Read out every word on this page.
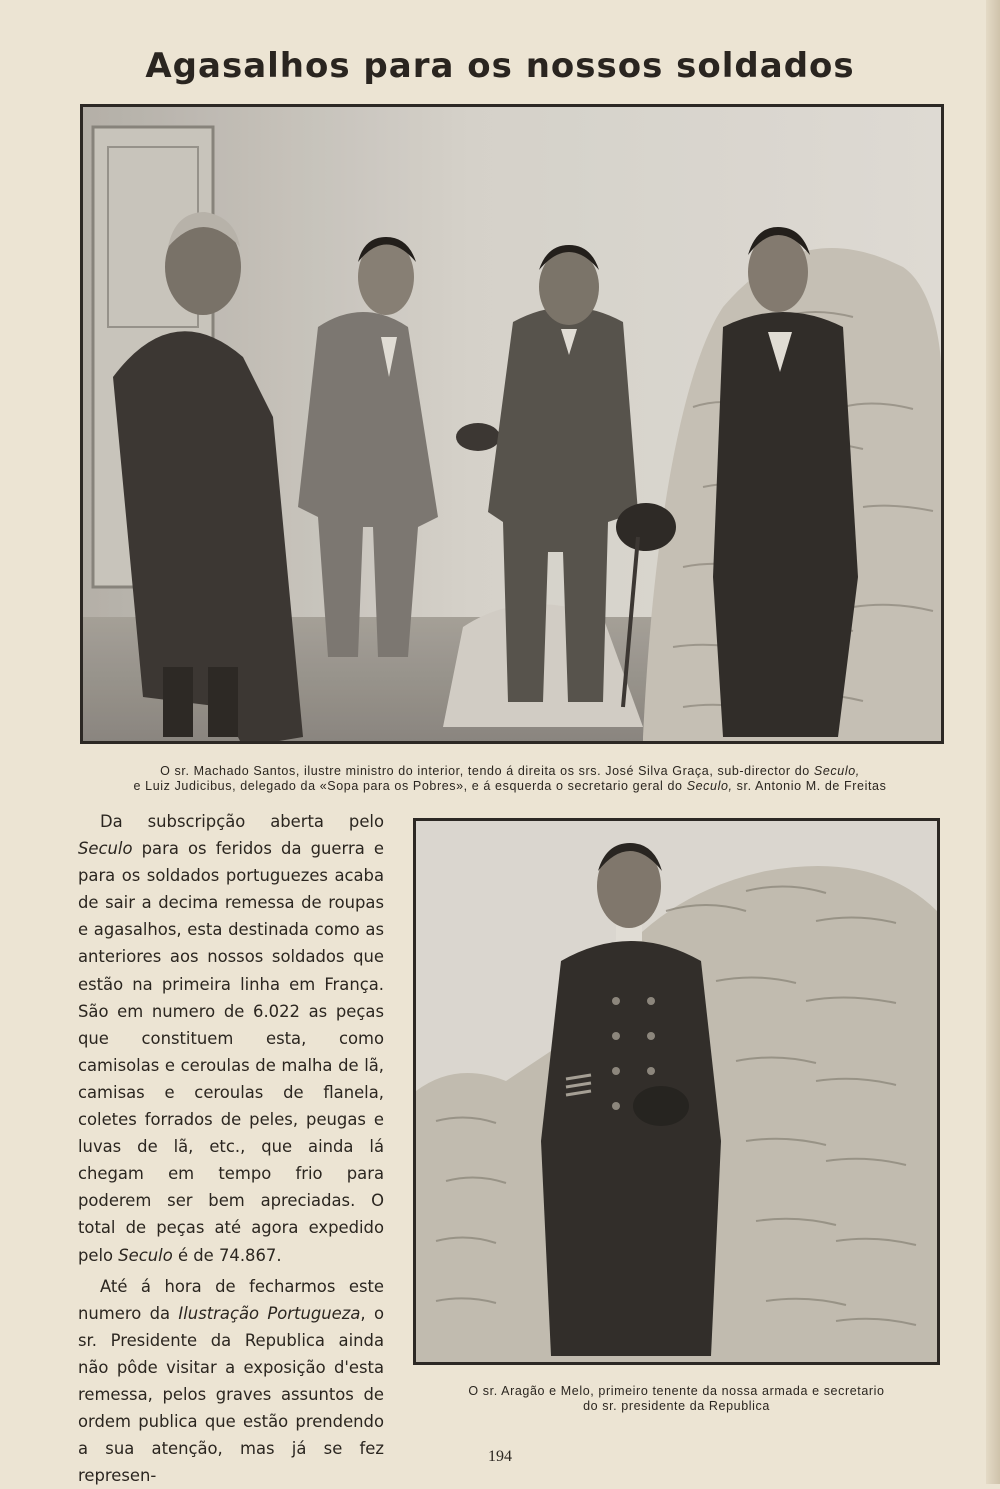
Agasalhos para os nossos soldados
O sr. Machado Santos, ilustre ministro do interior, tendo á direita os srs. José Silva Graça, sub-director do Seculo,
e Luiz Judicibus, delegado da «Sopa para os Pobres», e á esquerda o secretario geral do Seculo, sr. Antonio M. de Freitas

Da subscripção aberta pelo Seculo para os feridos da guerra e para os soldados portuguezes acaba de sair a decima remessa de roupas e agasalhos, esta destinada como as anteriores aos nossos soldados que estão na primeira linha em França. São em numero de 6.022 as peças que constituem esta, como camisolas e ceroulas de malha de lã, camisas e ceroulas de flanela, coletes forrados de peles, peugas e luvas de lã, etc., que ainda lá chegam em tempo frio para poderem ser bem apreciadas. O total de peças até agora expedido pelo Seculo é de 74.867.

Até á hora de fecharmos este numero da Ilustração Portugueza, o sr. Presidente da Republica ainda não pôde visitar a exposição d'esta remessa, pelos graves assuntos de ordem publica que estão prendendo a sua atenção, mas já se fez represen-

O sr. Aragão e Melo, primeiro tenente da nossa armada e secretario
do sr. presidente da Republica
194
